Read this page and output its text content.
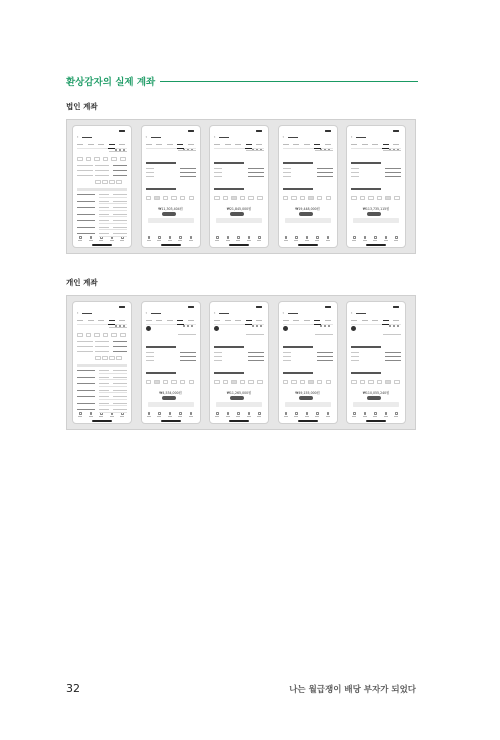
환상감자의 실제 계좌
법인 계좌
‹	‹
₩11,303,404원
‹
₩21,845,000원
‹
₩19,448,000원
‹
₩113,735,115원
개인 계좌
‹	‹
₩4,534,000원
‹
₩11,265,000원
‹
₩49,155,000원
‹
₩110,055,240원
32	나는 월급쟁이 배당 부자가 되었다
